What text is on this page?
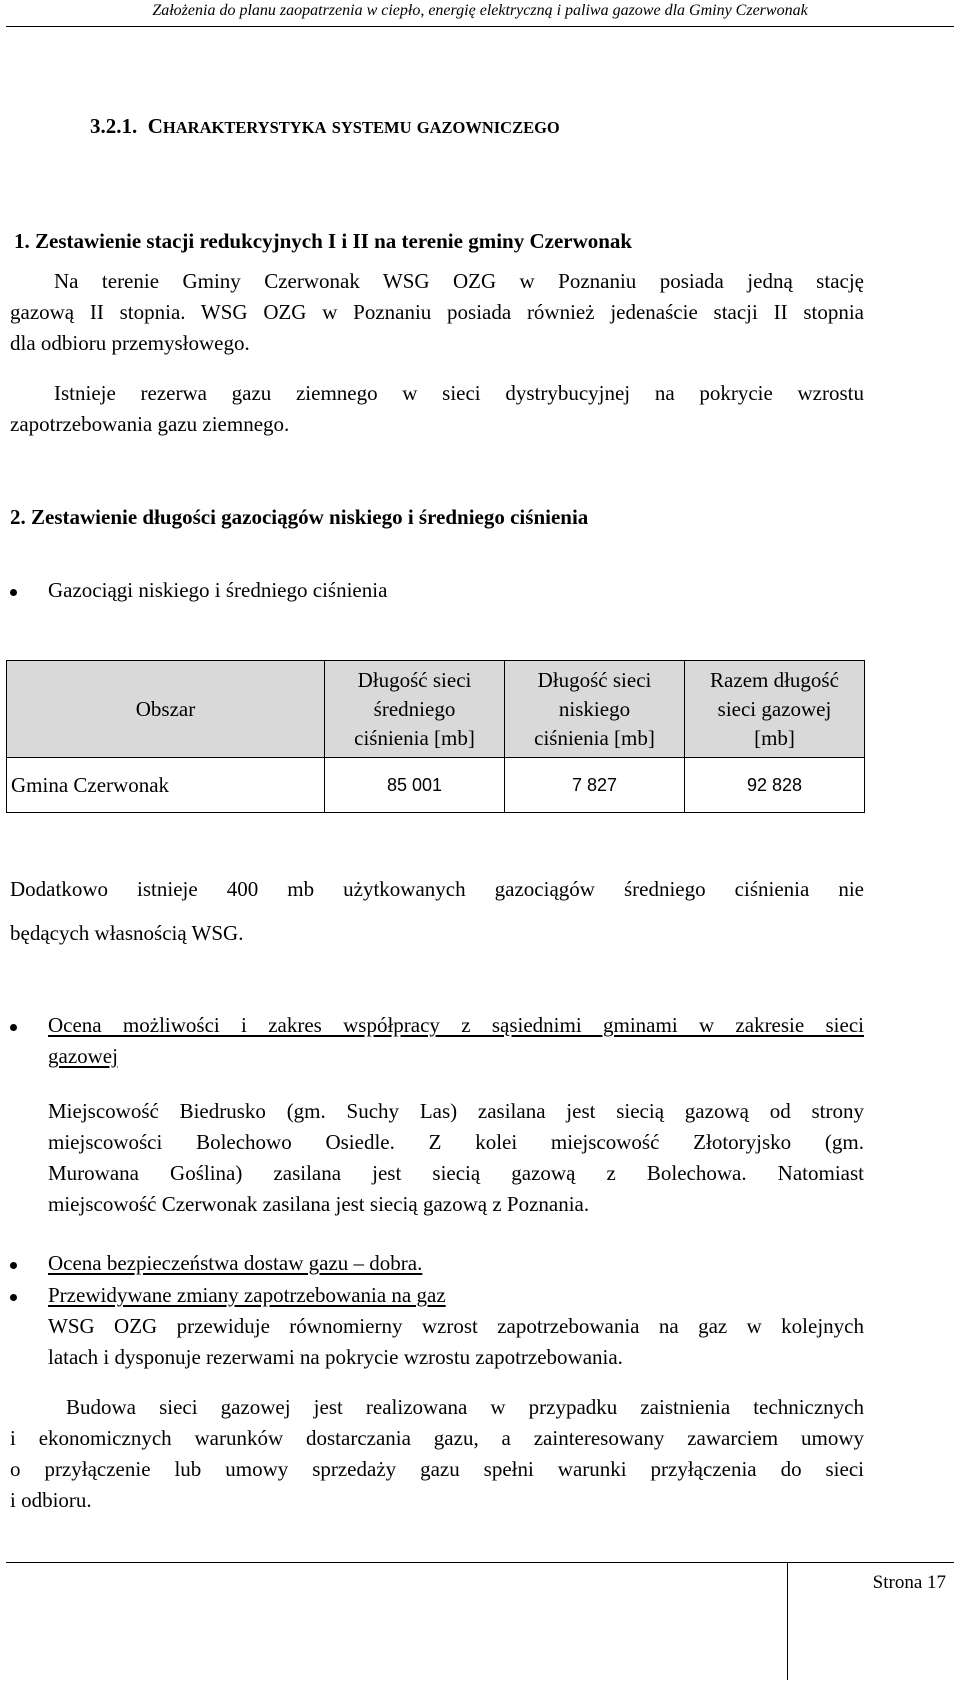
Założenia do planu zaopatrzenia w ciepło, energię elektryczną i paliwa gazowe dla Gminy Czerwonak
3.2.1. CHARAKTERYSTYKA SYSTEMU GAZOWNICZEGO
1. Zestawienie stacji redukcyjnych I i II na terenie gminy Czerwonak
Na terenie Gminy Czerwonak WSG OZG w Poznaniu posiada jedną stację
gazową II stopnia. WSG OZG w Poznaniu posiada również jedenaście stacji II stopnia
dla odbioru przemysłowego.
Istnieje rezerwa gazu ziemnego w sieci dystrybucyjnej na pokrycie wzrostu
zapotrzebowania gazu ziemnego.
2. Zestawienie długości gazociągów niskiego i średniego ciśnienia
Gazociągi niskiego i średniego ciśnienia
Obszar	Długość sieci
średniego
ciśnienia [mb]	Długość sieci
niskiego
ciśnienia [mb]	Razem długość
sieci gazowej
[mb]
Gmina Czerwonak	85 001	7 827	92 828
Dodatkowo istnieje 400 mb użytkowanych gazociągów średniego ciśnienia nie
będących własnością WSG.
Ocena możliwości i zakres współpracy z sąsiednimi gminami w zakresie sieci
gazowej
Miejscowość Biedrusko (gm. Suchy Las) zasilana jest siecią gazową od strony
miejscowości Bolechowo Osiedle. Z kolei miejscowość Złotoryjsko (gm.
Murowana Goślina) zasilana jest siecią gazową z Bolechowa. Natomiast
miejscowość Czerwonak zasilana jest siecią gazową z Poznania.
Ocena bezpieczeństwa dostaw gazu – dobra.
Przewidywane zmiany zapotrzebowania na gaz
WSG OZG przewiduje równomierny wzrost zapotrzebowania na gaz w kolejnych
latach i dysponuje rezerwami na pokrycie wzrostu zapotrzebowania.
Budowa sieci gazowej jest realizowana w przypadku zaistnienia technicznych
i ekonomicznych warunków dostarczania gazu, a zainteresowany zawarciem umowy
o przyłączenie lub umowy sprzedaży gazu spełni warunki przyłączenia do sieci
i odbioru.
Strona 17
